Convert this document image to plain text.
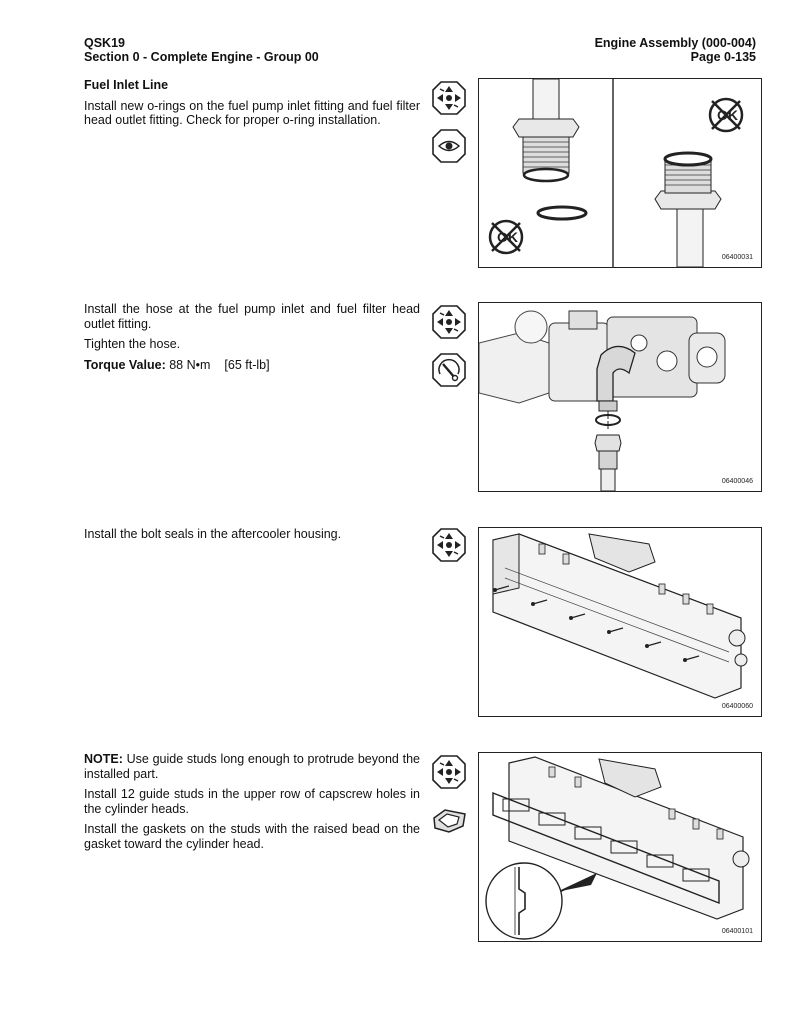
QSK19
Section 0 - Complete Engine - Group 00
Engine Assembly (000-004)
Page 0-135

Fuel Inlet Line

Install new o-rings on the fuel pump inlet fitting and fuel filter head outlet fitting. Check for proper o-ring installation.

OK
OK
06400031

Install the hose at the fuel pump inlet and fuel filter head outlet fitting.

Tighten the hose.

Torque Value: 88 N•m [65 ft-lb]

06400046

Install the bolt seals in the aftercooler housing.

06400060

NOTE: Use guide studs long enough to protrude beyond the installed part.

Install 12 guide studs in the upper row of capscrew holes in the cylinder heads.

Install the gaskets on the studs with the raised bead on the gasket toward the cylinder head.

06400101
